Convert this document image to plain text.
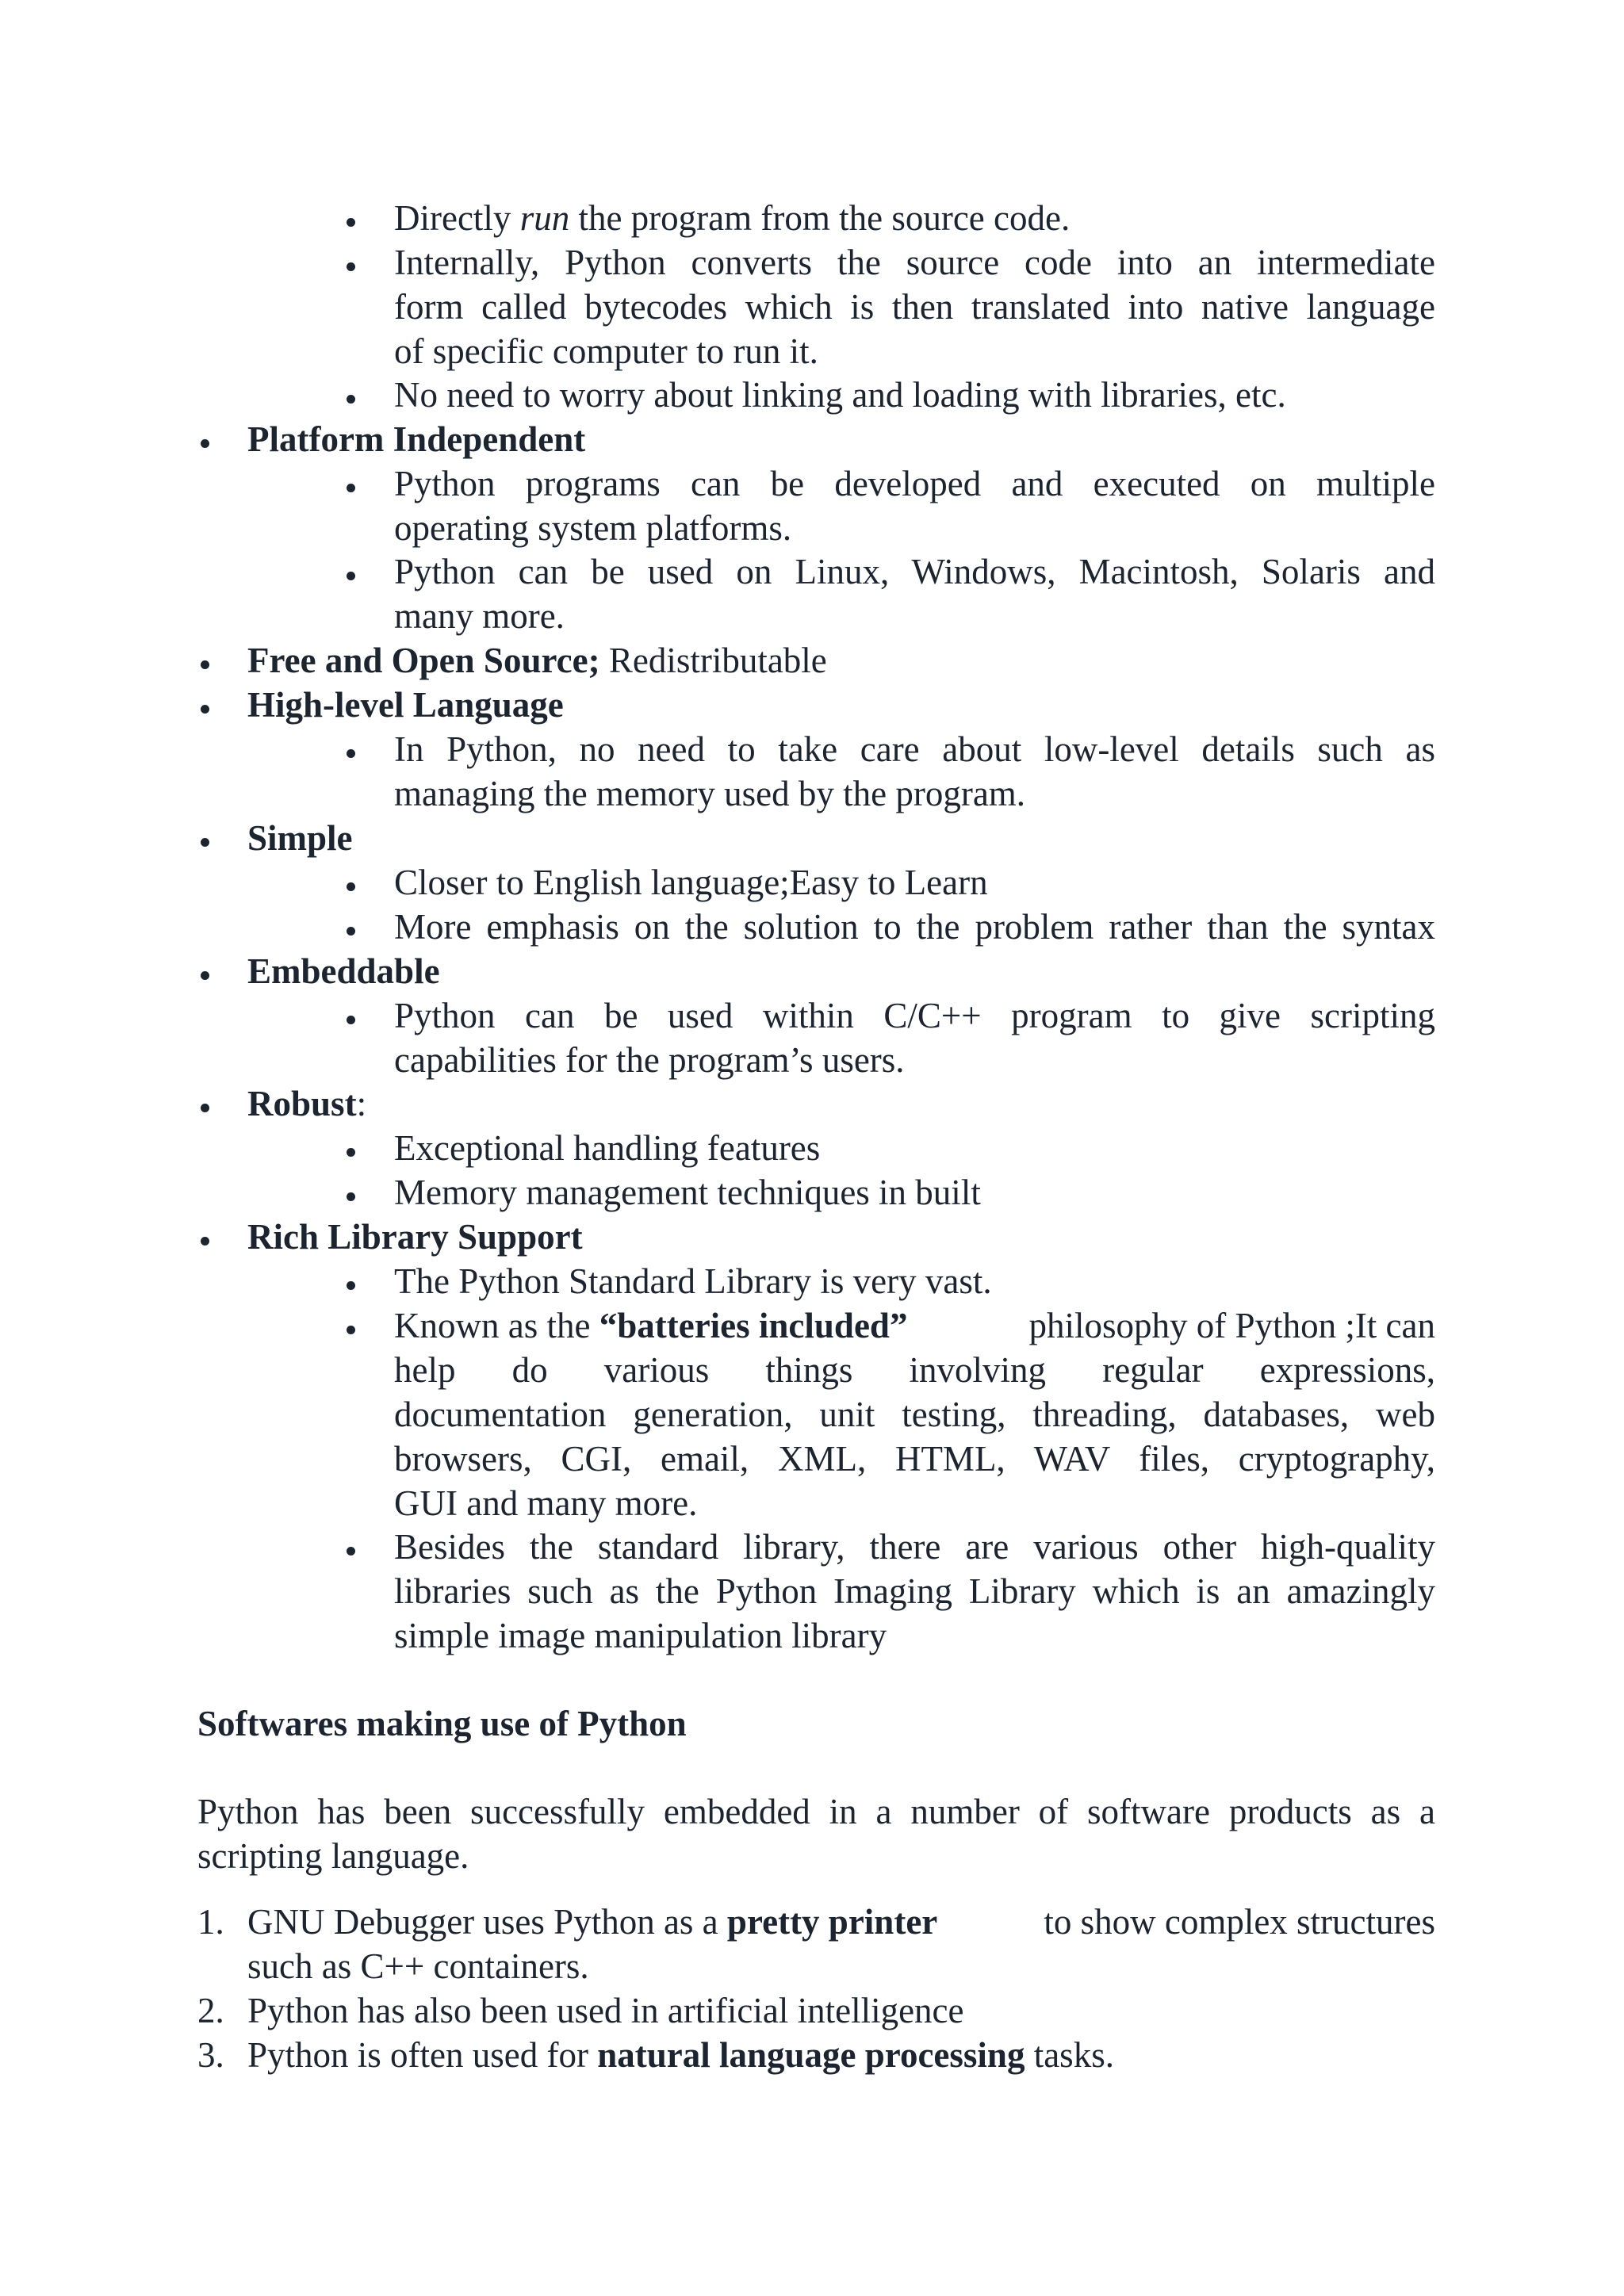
Directly run the program from the source code.
Internally, Python converts the source code into an intermediate
form called bytecodes which is then translated into native language
of specific computer to run it.
No need to worry about linking and loading with libraries, etc.
Platform Independent
Python programs can be developed and executed on multiple
operating system platforms.
Python can be used on Linux, Windows, Macintosh, Solaris and
many more.
Free and Open Source; Redistributable
High-level Language
In Python, no need to take care about low-level details such as
managing the memory used by the program.
Simple
Closer to English language;Easy to Learn
More emphasis on the solution to the problem rather than the syntax
Embeddable
Python can be used within C/C++ program to give scripting
capabilities for the program’s users.
Robust:
Exceptional handling features
Memory management techniques in built
Rich Library Support
The Python Standard Library is very vast.
Known as the “batteries included”	philosophy of Python ;It can
help do various things involving regular expressions,
documentation generation, unit testing, threading, databases, web
browsers, CGI, email, XML, HTML, WAV files, cryptography,
GUI and many more.
Besides the standard library, there are various other high-quality
libraries such as the Python Imaging Library which is an amazingly
simple image manipulation library
Softwares making use of Python
Python has been successfully embedded in a number of software products as a
scripting language.
1. GNU Debugger uses Python as a pretty printer	to show complex structures
such as C++ containers.
2. Python has also been used in artificial intelligence
3. Python is often used for natural language processing tasks.
